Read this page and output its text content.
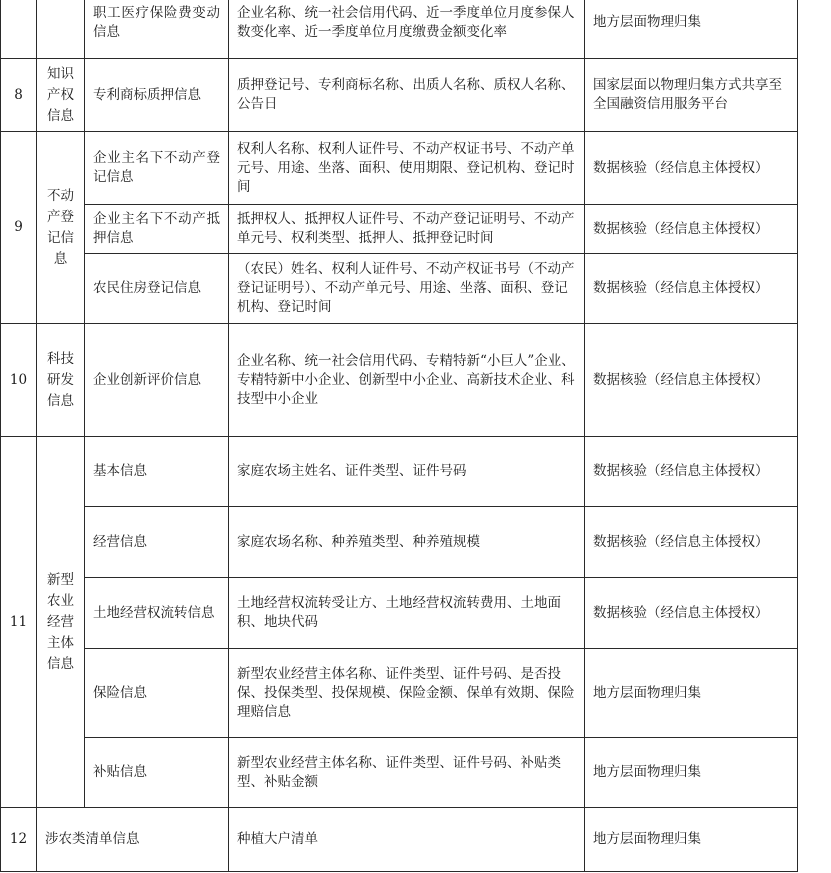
		职工医疗保险费变动信息	企业名称、统一社会信用代码、近一季度单位月度参保人数变化率、近一季度单位月度缴费金额变化率	地方层面物理归集
8	知识产权信息	专利商标质押信息	质押登记号、专利商标名称、出质人名称、质权人名称、公告日	国家层面以物理归集方式共享至全国融资信用服务平台
9	不动产登记信息	企业主名下不动产登记信息	权利人名称、权利人证件号、不动产权证书号、不动产单元号、用途、坐落、面积、使用期限、登记机构、登记时间	数据核验（经信息主体授权）
		企业主名下不动产抵押信息	抵押权人、抵押权人证件号、不动产登记证明号、不动产单元号、权利类型、抵押人、抵押登记时间	数据核验（经信息主体授权）
		农民住房登记信息	（农民）姓名、权利人证件号、不动产权证书号（不动产登记证明号）、不动产单元号、用途、坐落、面积、登记机构、登记时间	数据核验（经信息主体授权）
10	科技研发信息	企业创新评价信息	企业名称、统一社会信用代码、专精特新“小巨人”企业、专精特新中小企业、创新型中小企业、高新技术企业、科技型中小企业	数据核验（经信息主体授权）
11	新型农业经营主体信息	基本信息	家庭农场主姓名、证件类型、证件号码	数据核验（经信息主体授权）
		经营信息	家庭农场名称、种养殖类型、种养殖规模	数据核验（经信息主体授权）
		土地经营权流转信息	土地经营权流转受让方、土地经营权流转费用、土地面积、地块代码	数据核验（经信息主体授权）
		保险信息	新型农业经营主体名称、证件类型、证件号码、是否投保、投保类型、投保规模、保险金额、保单有效期、保险理赔信息	地方层面物理归集
		补贴信息	新型农业经营主体名称、证件类型、证件号码、补贴类型、补贴金额	地方层面物理归集
12	涉农类清单信息		种植大户清单	地方层面物理归集
